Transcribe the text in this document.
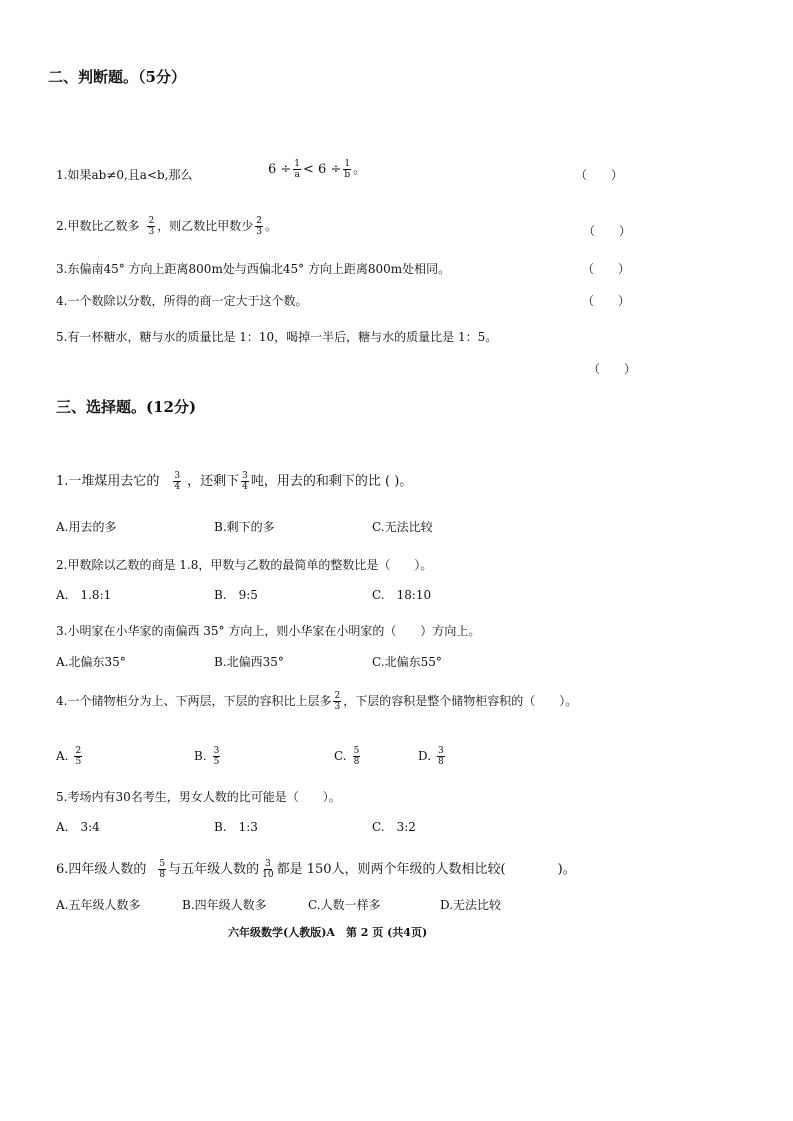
二、判断题。（5分）
1.如果ab≠0,且a<b,那么	$6 \div \frac{1}{a} < 6 \div \frac{1}{b}$ 。	（　　）
2.甲数比乙数多 $\frac{2}{3}$ ，则乙数比甲数少 $\frac{2}{3}$ 。	（　　）
3.东偏南45° 方向上距离800m处与西偏北45° 方向上距离800m处相同。	（　　）
4.一个数除以分数，所得的商一定大于这个数。	（　　）
5.有一杯糖水，糖与水的质量比是 1：10，喝掉一半后，糖与水的质量比是 1：5。
（　　）
三、选择题。(12分)
1.一堆煤用去它的 $\frac{3}{4}$ ，还剩下 $\frac{3}{4}$ 吨，用去的和剩下的比 ( )。
A.用去的多	B.剩下的多	C.无法比较
2.甲数除以乙数的商是 1.8，甲数与乙数的最简单的整数比是（　　）。
A.　1.8:1	B.　9:5	C.　18:10
3.小明家在小华家的南偏西 35° 方向上，则小华家在小明家的（　　）方向上。
A.北偏东35°	B.北偏西35°	C.北偏东55°
4.一个储物柜分为上、下两层，下层的容积比上层多 $\frac{2}{3}$ ，下层的容积是整个储物柜容积的（　　）。
A. $\frac{2}{5}$	B. $\frac{3}{5}$	C. $\frac{5}{8}$	D. $\frac{3}{8}$
5.考场内有30名考生，男女人数的比可能是（　　）。
A.　3:4	B.　1:3	C.　3:2
6.四年级人数的 $\frac{5}{8}$ 与五年级人数的 $\frac{3}{10}$ 都是 150人，则两个年级的人数相比较(　　　　)。
A.五年级人数多	B.四年级人数多	C.人数一样多	D.无法比较
六年级数学(人教版)A　第 2 页 (共4页)
